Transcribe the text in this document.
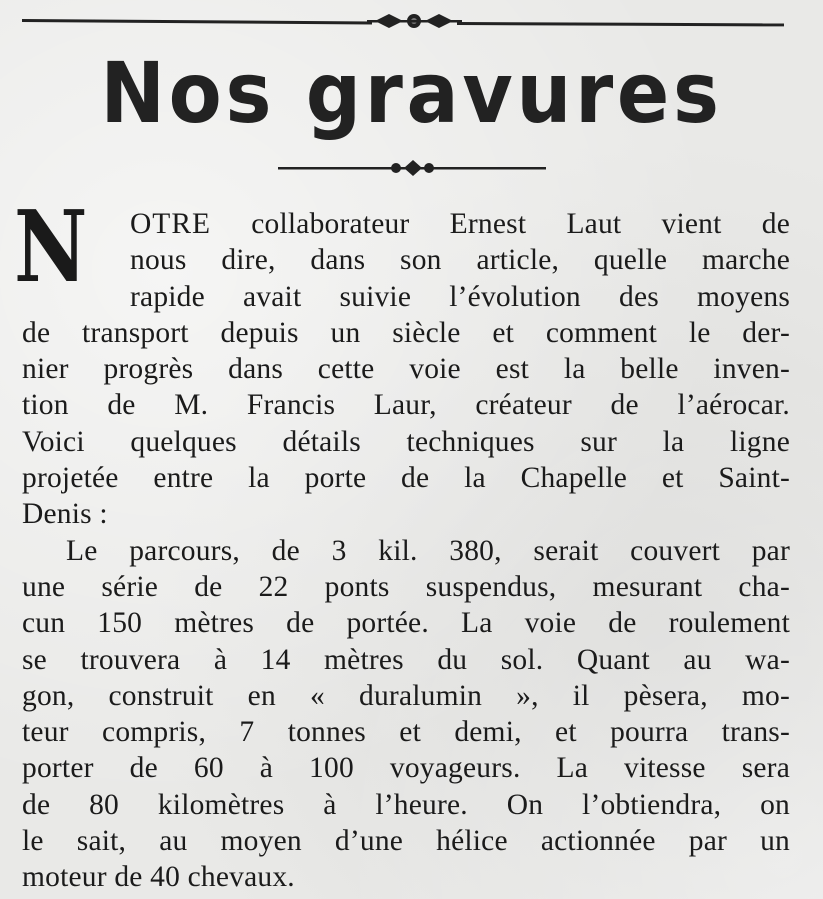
Nos gravures
N	OTRE collaborateur Ernest Laut vient de
nous dire, dans son article, quelle marche
rapide avait suivie l’évolution des moyens
de transport depuis un siècle et comment le der-
nier progrès dans cette voie est la belle inven-
tion de M. Francis Laur, créateur de l’aérocar.
Voici quelques détails techniques sur la ligne
projetée entre la porte de la Chapelle et Saint-
Denis :
Le parcours, de 3 kil. 380, serait couvert par
une série de 22 ponts suspendus, mesurant cha-
cun 150 mètres de portée. La voie de roulement
se trouvera à 14 mètres du sol. Quant au wa-
gon, construit en « duralumin », il pèsera, mo-
teur compris, 7 tonnes et demi, et pourra trans-
porter de 60 à 100 voyageurs. La vitesse sera
de 80 kilomètres à l’heure. On l’obtiendra, on
le sait, au moyen d’une hélice actionnée par un
moteur de 40 chevaux.
